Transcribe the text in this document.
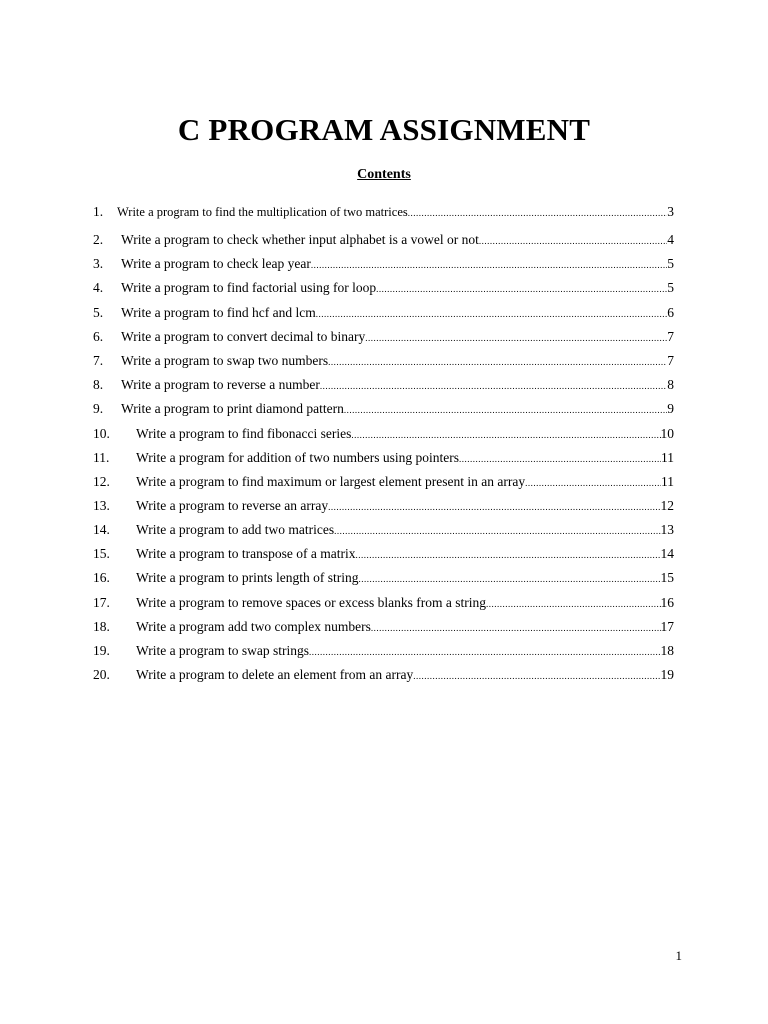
C PROGRAM ASSIGNMENT
Contents
1.	Write a program to find the multiplication of two matrices .....	3
2.	Write a program to check whether input alphabet is a vowel or not .....	4
3.	Write a program to check leap year .....	5
4.	Write a program to find factorial using for loop .....	5
5.	Write a program to find hcf and lcm .....	6
6.	Write a program to convert decimal to binary .....	7
7.	Write a program to swap two numbers .....	7
8.	Write a program to reverse a number .....	8
9.	Write a program to print diamond pattern .....	9
10.	Write a program to find fibonacci series .....	10
11.	Write a program for addition of two numbers using pointers .....	11
12.	Write a program to find maximum or largest element present in an array .....	11
13.	Write a program to reverse an array .....	12
14.	Write a program to add two matrices .....	13
15.	Write a program to transpose of a matrix .....	14
16.	Write a program to prints length of string .....	15
17.	Write a program to remove spaces or excess blanks from a string .....	16
18.	Write a program add two complex numbers .....	17
19.	Write a program to swap strings .....	18
20.	Write a program to delete an element from an array .....	19
1
